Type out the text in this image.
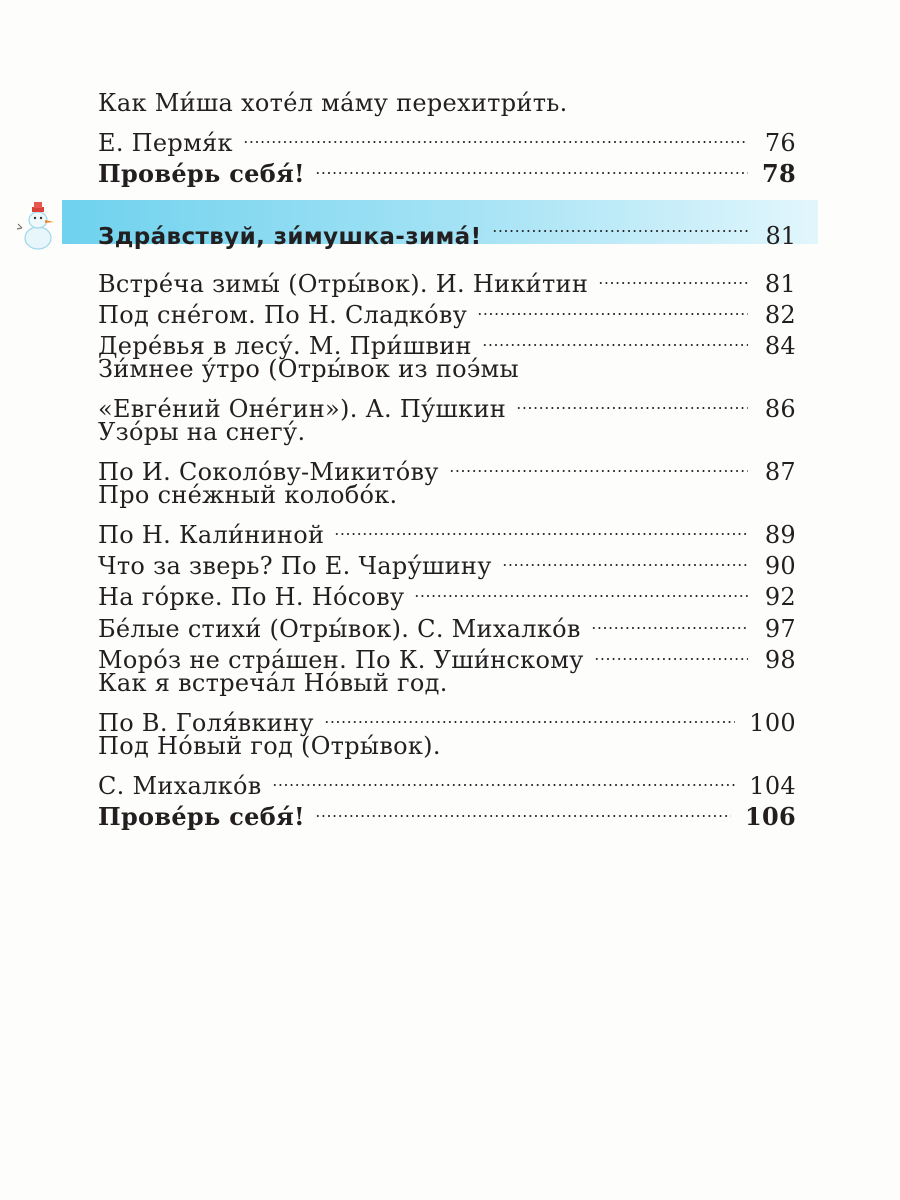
Как Ми́ша хоте́л ма́му перехитри́ть.
Е. Пермя́к	76
Прове́рь себя́!	78
Здра́вствуй, зи́мушка-зима́!	81
Встре́ча зимы́ (Отры́вок). И. Ники́тин	81
Под сне́гом. По Н. Сладко́ву	82
Дере́вья в лесу́. М. При́швин	84
Зи́мнее у́тро (Отры́вок из поэ́мы
«Евге́ний Оне́гин»). А. Пу́шкин	86
Узо́ры на снегу́.
По И. Соколо́ву-Микито́ву	87
Про сне́жный колобо́к.
По Н. Кали́ниной	89
Что за зверь? По Е. Чару́шину	90
На го́рке. По Н. Но́сову	92
Бе́лые стихи́ (Отры́вок). С. Михалко́в	97
Моро́з не стра́шен. По К. Уши́нскому	98
Как я встреча́л Но́вый год.
По В. Голя́вкину	100
Под Но́вый год (Отры́вок).
С. Михалко́в	104
Прове́рь себя́!	106
